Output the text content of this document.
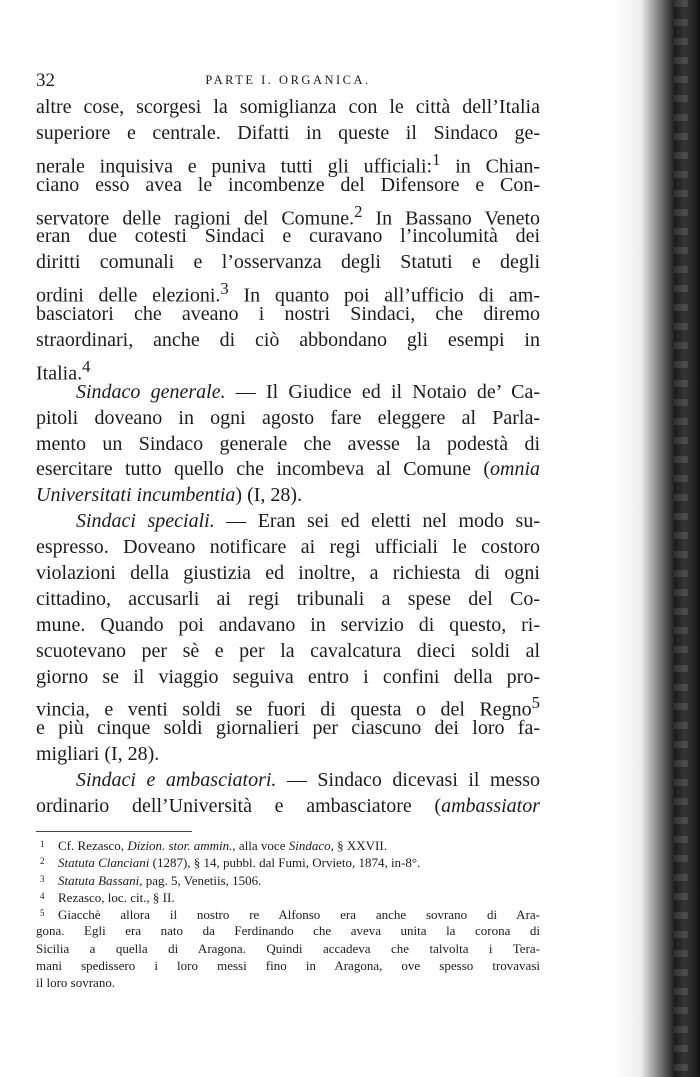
32	PARTE I. ORGANICA.
altre cose, scorgesi la somiglianza con le città dell’Italia
superiore e centrale. Difatti in queste il Sindaco ge-
nerale inquisiva e puniva tutti gli ufficiali:$^1$ in Chian-
ciano esso avea le incombenze del Difensore e Con-
servatore delle ragioni del Comune.$^2$ In Bassano Veneto
eran due cotesti Sindaci e curavano l’incolumità dei
diritti comunali e l’osservanza degli Statuti e degli
ordini delle elezioni.$^3$ In quanto poi all’ufficio di am-
basciatori che aveano i nostri Sindaci, che diremo
straordinari, anche di ciò abbondano gli esempi in
Italia.$^4$
Sindaco generale. — Il Giudice ed il Notaio de’ Ca-
pitoli doveano in ogni agosto fare eleggere al Parla-
mento un Sindaco generale che avesse la podestà di
esercitare tutto quello che incombeva al Comune (omnia
Universitati incumbentia) (I, 28).
Sindaci speciali. — Eran sei ed eletti nel modo su-
espresso. Doveano notificare ai regi ufficiali le costoro
violazioni della giustizia ed inoltre, a richiesta di ogni
cittadino, accusarli ai regi tribunali a spese del Co-
mune. Quando poi andavano in servizio di questo, ri-
scuotevano per sè e per la cavalcatura dieci soldi al
giorno se il viaggio seguiva entro i confini della pro-
vincia, e venti soldi se fuori di questa o del Regno$^5$
e più cinque soldi giornalieri per ciascuno dei loro fa-
migliari (I, 28).
Sindaci e ambasciatori. — Sindaco dicevasi il messo
ordinario dell’Università e ambasciatore (ambassiator
1 Cf. Rezasco, Dizion. stor. ammin., alla voce Sindaco, § XXVII.
2 Statuta Clanciani (1287), § 14, pubbl. dal Fumi, Orvieto, 1874, in-8°.
3 Statuta Bassani, pag. 5, Venetiis, 1506.
4 Rezasco, loc. cit., § II.
5 Giacchè allora il nostro re Alfonso era anche sovrano di Ara-
gona. Egli era nato da Ferdinando che aveva unita la corona di
Sicilia a quella di Aragona. Quindi accadeva che talvolta i Tera-
mani spedissero i loro messi fino in Aragona, ove spesso trovavasi
il loro sovrano.
